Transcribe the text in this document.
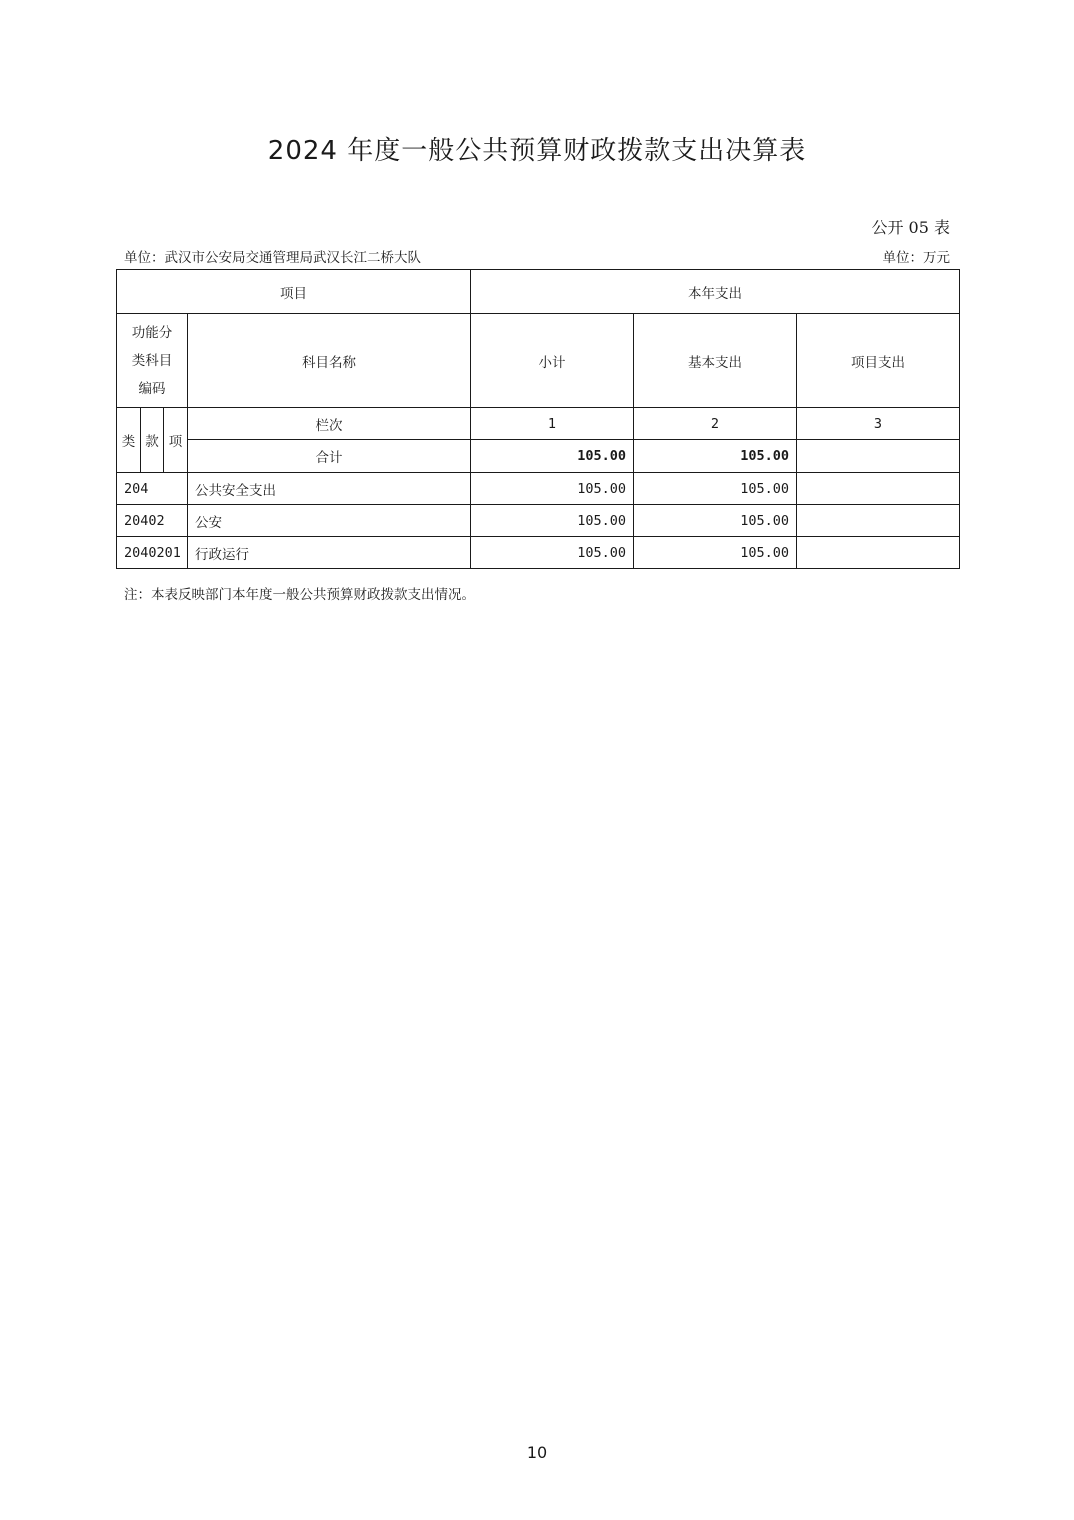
2024 年度一般公共预算财政拨款支出决算表
公开 05 表
单位：武汉市公安局交通管理局武汉长江二桥大队	单位：万元
项目				本年支出		

功能分类科目编码			科目名称	小计	基本支出	项目支出
类	款	项	栏次	1	2	3
			合计	105.00	105.00	
204			公共安全支出	105.00	105.00	
20402			公安	105.00	105.00	
2040201			行政运行	105.00	105.00	
注：本表反映部门本年度一般公共预算财政拨款支出情况。
10
